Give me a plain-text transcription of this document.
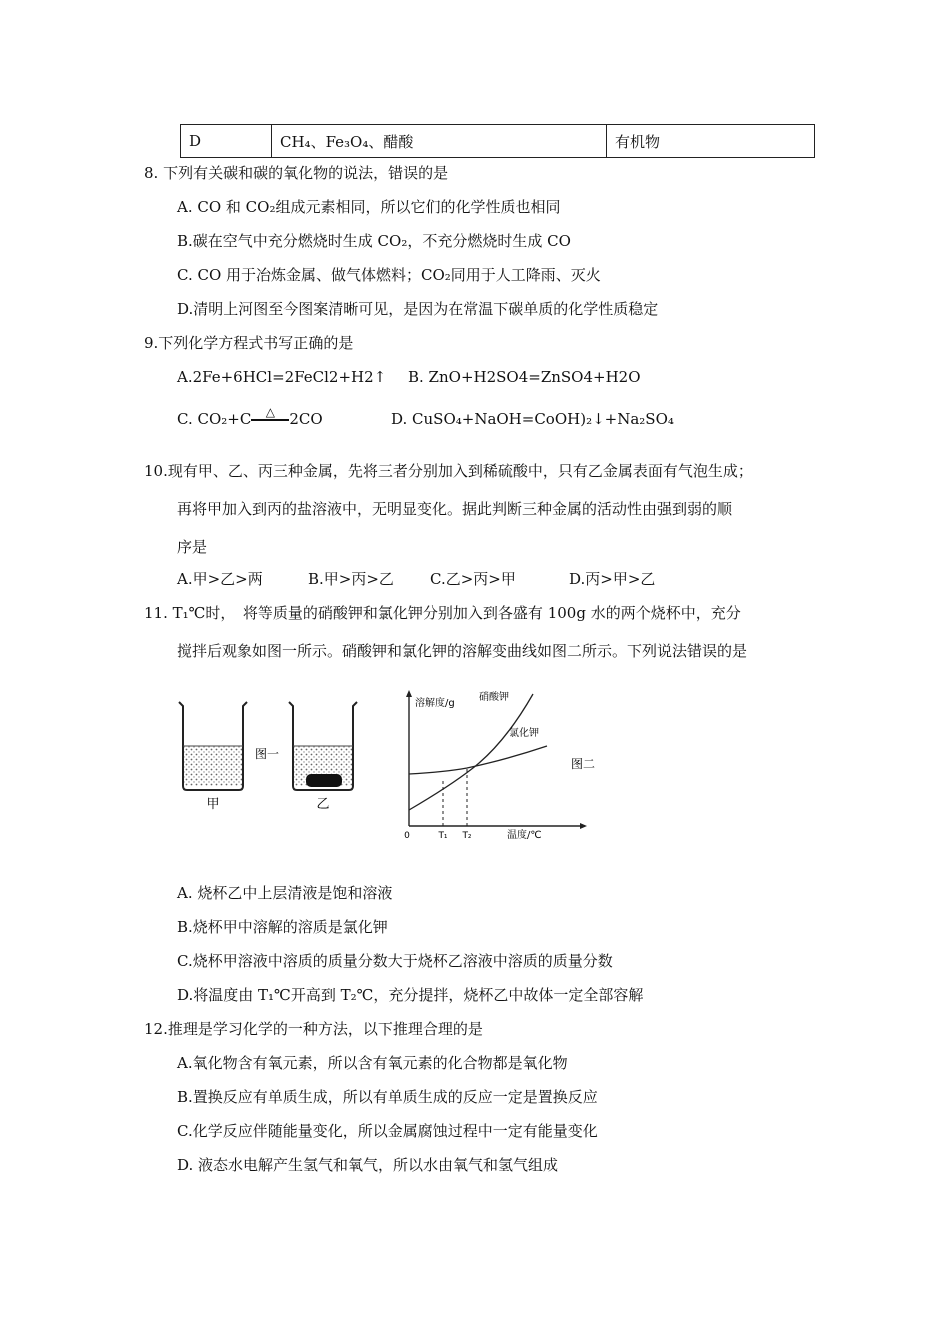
D	CH₄、Fe₃O₄、醋酸	有机物
8. 下列有关碳和碳的氧化物的说法，错误的是
A. CO 和 CO₂组成元素相同，所以它们的化学性质也相同
B.碳在空气中充分燃烧时生成 CO₂，不充分燃烧时生成 CO
C. CO 用于冶炼金属、做气体燃料；CO₂同用于人工降雨、灭火
D.清明上河图至今图案清晰可见，是因为在常温下碳单质的化学性质稳定
9.下列化学方程式书写正确的是
A.2Fe+6HCl=2FeCl2+H2↑ B. ZnO+H2SO4=ZnSO4+H2O
C. CO₂+C △ 2CO	D. CuSO₄+NaOH=CoOH)₂↓+Na₂SO₄
10.现有甲、乙、丙三种金属，先将三者分别加入到稀硫酸中，只有乙金属表面有气泡生成；
再将甲加入到丙的盐溶液中，无明显变化。据此判断三种金属的活动性由强到弱的顺
序是
A.甲>乙>两	B.甲>丙>乙 C.乙>丙>甲	D.丙>甲>乙
11. T₁℃时，　将等质量的硝酸钾和氯化钾分别加入到各盛有 100g 水的两个烧杯中，充分
搅拌后观象如图一所示。硝酸钾和氯化钾的溶解变曲线如图二所示。下列说法错误的是
甲
图一
乙
溶解度/g
硝酸钾
氯化钾
0	T₁ T₂	温度/℃
图二
A. 烧杯乙中上层清液是饱和溶液
B.烧杯甲中溶解的溶质是氯化钾
C.烧杯甲溶液中溶质的质量分数大于烧杯乙溶液中溶质的质量分数
D.将温度由 T₁℃开高到 T₂℃，充分提拌，烧杯乙中故体一定全部容解
12.推理是学习化学的一种方法，以下推理合理的是
A.氧化物含有氧元素，所以含有氧元素的化合物都是氧化物
B.置换反应有单质生成，所以有单质生成的反应一定是置换反应
C.化学反应伴随能量变化，所以金属腐蚀过程中一定有能量变化
D. 液态水电解产生氢气和氧气，所以水由氧气和氢气组成
